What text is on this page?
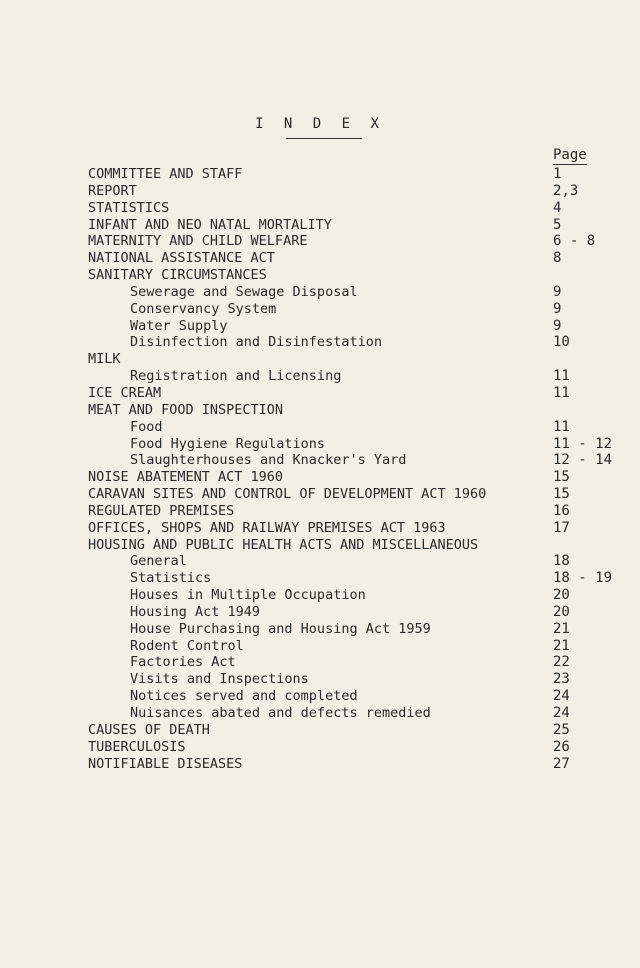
I N D E X
Page
COMMITTEE AND STAFF	1
REPORT	2,3
STATISTICS	4
INFANT AND NEO NATAL MORTALITY	5
MATERNITY AND CHILD WELFARE	6 - 8
NATIONAL ASSISTANCE ACT	8
SANITARY CIRCUMSTANCES
Sewerage and Sewage Disposal	9
Conservancy System	9
Water Supply	9
Disinfection and Disinfestation	10
MILK
Registration and Licensing	11
ICE CREAM	11
MEAT AND FOOD INSPECTION
Food	11
Food Hygiene Regulations	11 - 12
Slaughterhouses and Knacker's Yard	12 - 14
NOISE ABATEMENT ACT 1960	15
CARAVAN SITES AND CONTROL OF DEVELOPMENT ACT 1960	15
REGULATED PREMISES	16
OFFICES, SHOPS AND RAILWAY PREMISES ACT 1963	17
HOUSING AND PUBLIC HEALTH ACTS AND MISCELLANEOUS
General	18
Statistics	18 - 19
Houses in Multiple Occupation	20
Housing Act 1949	20
House Purchasing and Housing Act 1959	21
Rodent Control	21
Factories Act	22
Visits and Inspections	23
Notices served and completed	24
Nuisances abated and defects remedied	24
CAUSES OF DEATH	25
TUBERCULOSIS	26
NOTIFIABLE DISEASES	27
